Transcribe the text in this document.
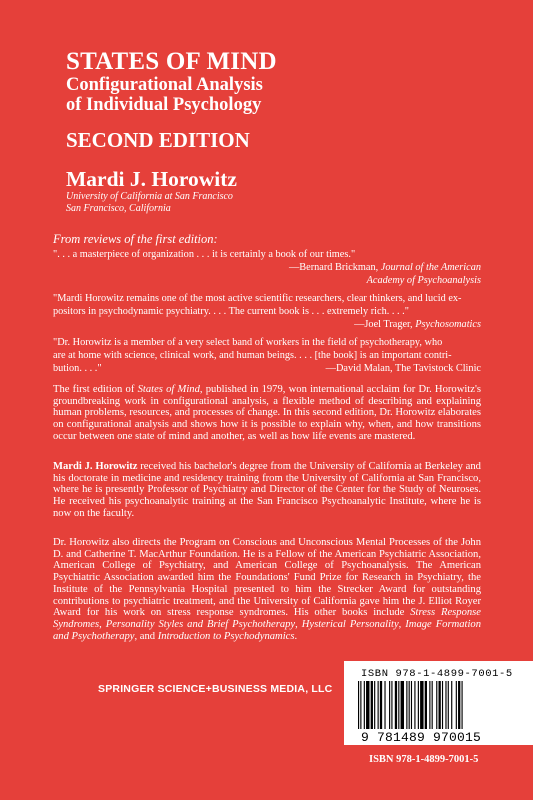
STATES OF MIND
Configurational Analysis
of Individual Psychology
SECOND EDITION
Mardi J. Horowitz
University of California at San Francisco
San Francisco, California
From reviews of the first edition:
". . . a masterpiece of organization . . . it is certainly a book of our times."
—Bernard Brickman, Journal of the American
Academy of Psychoanalysis
"Mardi Horowitz remains one of the most active scientific researchers, clear thinkers, and lucid ex-
positors in psychodynamic psychiatry. . . . The current book is . . . extremely rich. . . ."
—Joel Trager, Psychosomatics
"Dr. Horowitz is a member of a very select band of workers in the field of psychotherapy, who
are at home with science, clinical work, and human beings. . . . [the book] is an important contri-
bution. . . ."	—David Malan, The Tavistock Clinic
The first edition of States of Mind, published in 1979, won international acclaim for Dr. Horowitz's groundbreaking work in configurational analysis, a flexible method of describing and explaining human problems, resources, and processes of change. In this second edition, Dr. Horowitz elaborates on configurational analysis and shows how it is possible to explain why, when, and how transitions occur between one state of mind and another, as well as how life events are mastered.
Mardi J. Horowitz received his bachelor's degree from the University of California at Berkeley and his doctorate in medicine and residency training from the University of California at San Francisco, where he is presently Professor of Psychiatry and Director of the Center for the Study of Neuroses. He received his psychoanalytic training at the San Francisco Psychoanalytic Institute, where he is now on the faculty.
Dr. Horowitz also directs the Program on Conscious and Unconscious Mental Processes of the John D. and Catherine T. MacArthur Foundation. He is a Fellow of the American Psychiatric Association, American College of Psychiatry, and American College of Psychoanalysis. The American Psychiatric Association awarded him the Foundations' Fund Prize for Research in Psychiatry, the Institute of the Pennsylvania Hospital presented to him the Strecker Award for outstanding contributions to psychiatric treatment, and the University of California gave him the J. Elliot Royer Award for his work on stress response syndromes. His other books include Stress Response Syndromes, Personality Styles and Brief Psychotherapy, Hysterical Personality, Image Formation and Psychotherapy, and Introduction to Psychodynamics.
SPRINGER SCIENCE+BUSINESS MEDIA, LLC
ISBN 978-1-4899-7001-5
9 781489 970015
ISBN 978-1-4899-7001-5
